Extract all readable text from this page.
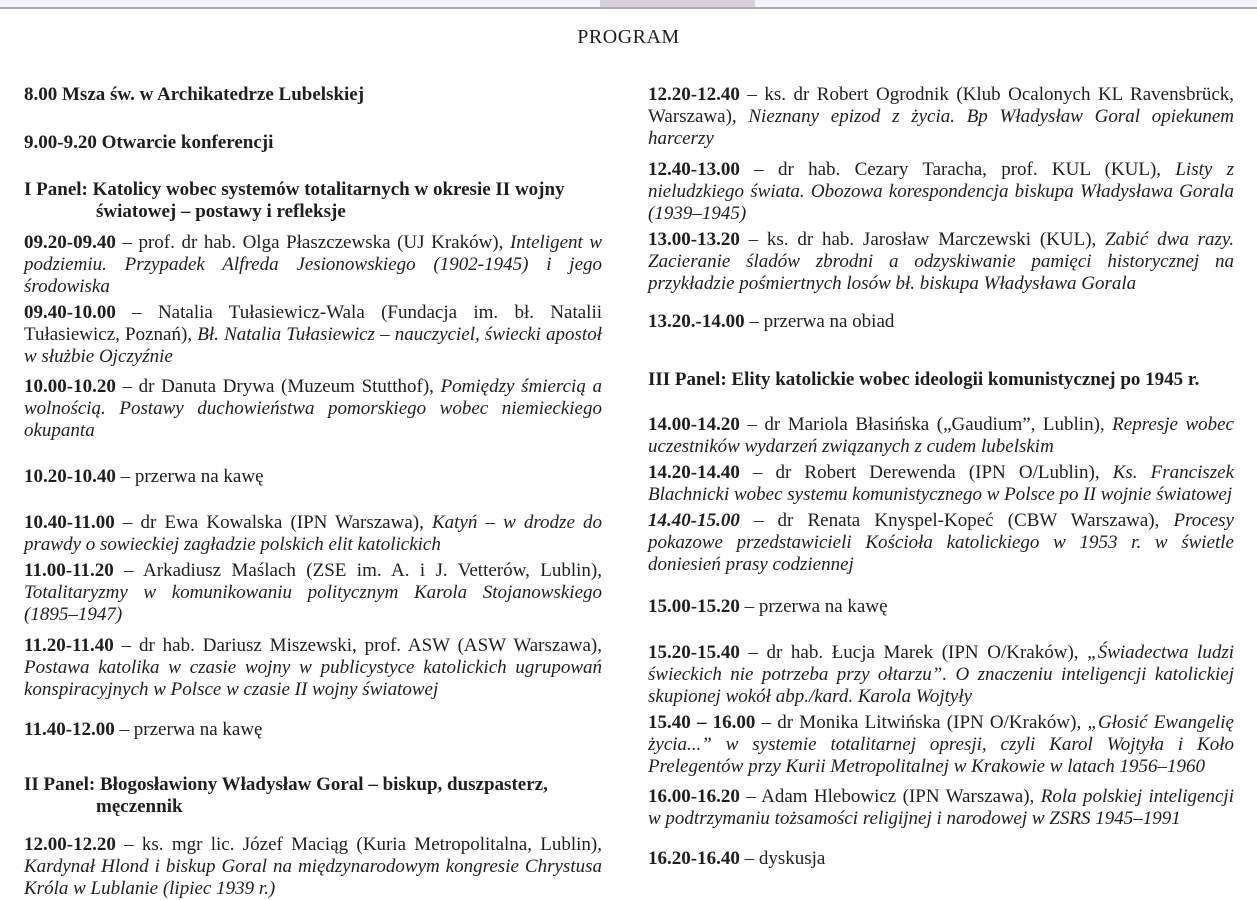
PROGRAM

8.00 Msza św. w Archikatedrze Lubelskiej

9.00-9.20 Otwarcie konferencji

I Panel: Katolicy wobec systemów totalitarnych w okresie II wojny światowej – postawy i refleksje

09.20-09.40 – prof. dr hab. Olga Płaszczewska (UJ Kraków), Inteligent w podziemiu. Przypadek Alfreda Jesionowskiego (1902-1945) i jego środowiska

09.40-10.00 – Natalia Tułasiewicz-Wala (Fundacja im. bł. Natalii Tułasiewicz, Poznań), Bł. Natalia Tułasiewicz – nauczyciel, świecki apostoł w służbie Ojczyźnie

10.00-10.20 – dr Danuta Drywa (Muzeum Stutthof), Pomiędzy śmiercią a wolnością. Postawy duchowieństwa pomorskiego wobec niemieckiego okupanta

10.20-10.40 – przerwa na kawę

10.40-11.00 – dr Ewa Kowalska (IPN Warszawa), Katyń – w drodze do prawdy o sowieckiej zagładzie polskich elit katolickich

11.00-11.20 – Arkadiusz Maślach (ZSE im. A. i J. Vetterów, Lublin), Totalitaryzmy w komunikowaniu politycznym Karola Stojanowskiego (1895–1947)

11.20-11.40 – dr hab. Dariusz Miszewski, prof. ASW (ASW Warszawa), Postawa katolika w czasie wojny w publicystyce katolickich ugrupowań konspiracyjnych w Polsce w czasie II wojny światowej

11.40-12.00 – przerwa na kawę

II Panel: Błogosławiony Władysław Goral – biskup, duszpasterz, męczennik

12.00-12.20 – ks. mgr lic. Józef Maciąg (Kuria Metropolitalna, Lublin), Kardynał Hlond i biskup Goral na międzynarodowym kongresie Chrystusa Króla w Lublanie (lipiec 1939 r.)

12.20-12.40 – ks. dr Robert Ogrodnik (Klub Ocalonych KL Ravensbrück, Warszawa), Nieznany epizod z życia. Bp Władysław Goral opiekunem harcerzy

12.40-13.00 – dr hab. Cezary Taracha, prof. KUL (KUL), Listy z nieludzkiego świata. Obozowa korespondencja biskupa Władysława Gorala (1939–1945)

13.00-13.20 – ks. dr hab. Jarosław Marczewski (KUL), Zabić dwa razy. Zacieranie śladów zbrodni a odzyskiwanie pamięci historycznej na przykładzie pośmiertnych losów bł. biskupa Władysława Gorala

13.20.-14.00 – przerwa na obiad

III Panel: Elity katolickie wobec ideologii komunistycznej po 1945 r.

14.00-14.20 – dr Mariola Błasińska („Gaudium”, Lublin), Represje wobec uczestników wydarzeń związanych z cudem lubelskim

14.20-14.40 – dr Robert Derewenda (IPN O/Lublin), Ks. Franciszek Blachnicki wobec systemu komunistycznego w Polsce po II wojnie światowej

14.40-15.00 – dr Renata Knyspel-Kopeć (CBW Warszawa), Procesy pokazowe przedstawicieli Kościoła katolickiego w 1953 r. w świetle doniesień prasy codziennej

15.00-15.20 – przerwa na kawę

15.20-15.40 – dr hab. Łucja Marek (IPN O/Kraków), „Świadectwa ludzi świeckich nie potrzeba przy ołtarzu”. O znaczeniu inteligencji katolickiej skupionej wokół abp./kard. Karola Wojtyły

15.40 – 16.00 – dr Monika Litwińska (IPN O/Kraków), „Głosić Ewangelię życia...” w systemie totalitarnej opresji, czyli Karol Wojtyła i Koło Prelegentów przy Kurii Metropolitalnej w Krakowie w latach 1956–1960

16.00-16.20 – Adam Hlebowicz (IPN Warszawa), Rola polskiej inteligencji w podtrzymaniu tożsamości religijnej i narodowej w ZSRS 1945–1991

16.20-16.40 – dyskusja
